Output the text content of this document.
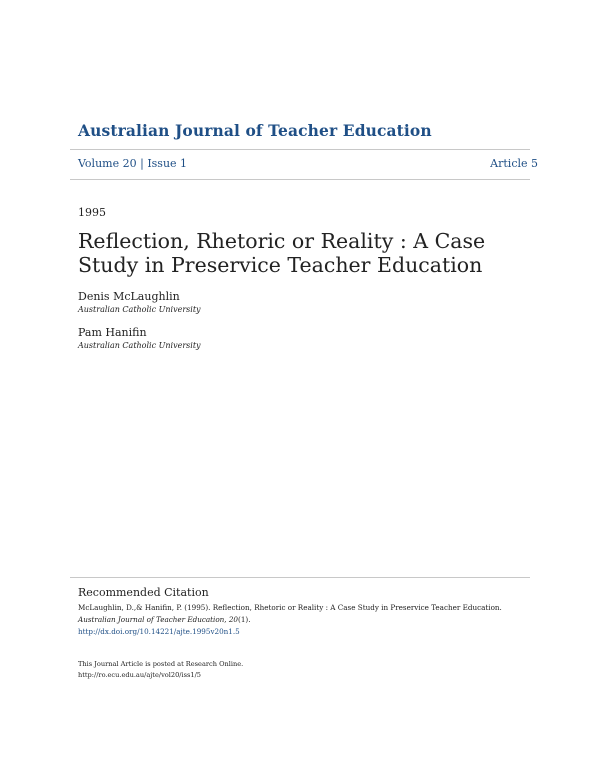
Australian Journal of Teacher Education
Volume 20 | Issue 1	Article 5
1995
Reflection, Rhetoric or Reality : A Case Study in Preservice Teacher Education
Denis McLaughlin
Australian Catholic University
Pam Hanifin
Australian Catholic University
Recommended Citation
McLaughlin, D.,& Hanifin, P. (1995). Reflection, Rhetoric or Reality : A Case Study in Preservice Teacher Education. Australian Journal of Teacher Education, 20(1).
http://dx.doi.org/10.14221/ajte.1995v20n1.5
This Journal Article is posted at Research Online.
http://ro.ecu.edu.au/ajte/vol20/iss1/5
